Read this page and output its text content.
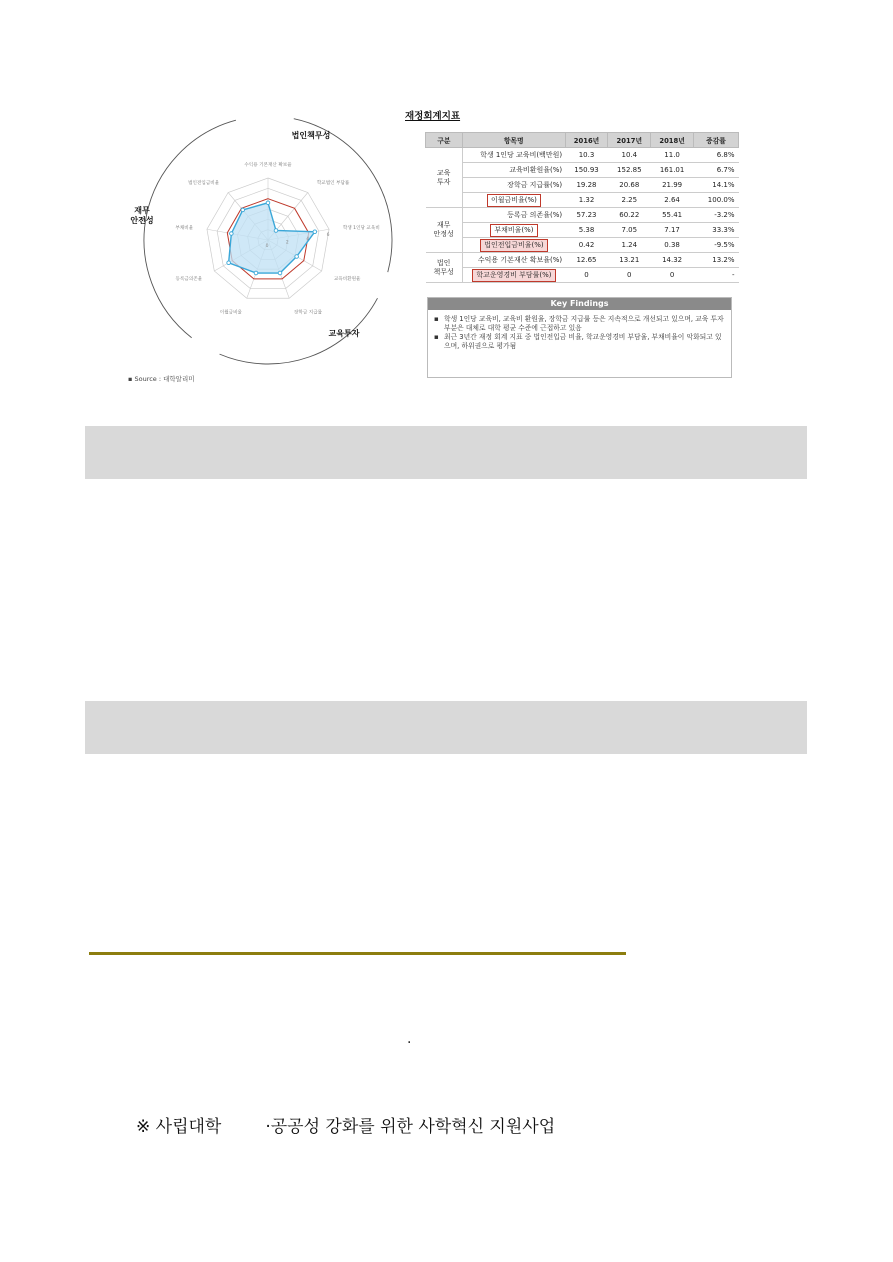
0
2
4
6
수익용 기본재산 확보율
학교법인 부담률
학생 1인당 교육비
교육비환원율
장학금 지급률
이월금비율
등록금의존율
부채비율
법인전입금비율
법인책무성
재무
안전성
교육투자
▪ Source : 대학알리미
재정회계지표
구분	항목명	2016년	2017년	2018년	증감률
교육
투자	학생 1인당 교육비(백만원)	10.3	10.4	11.0	6.8%
	교육비환원율(%)	150.93	152.85	161.01	6.7%
	장학금 지급률(%)	19.28	20.68	21.99	14.1%
	이월금비율(%)	1.32	2.25	2.64	100.0%
재무
안정성	등록금 의존율(%)	57.23	60.22	55.41	-3.2%
	부채비율(%)	5.38	7.05	7.17	33.3%
	법인전입금비율(%)	0.42	1.24	0.38	-9.5%
법인
책무성	수익용 기본재산 확보율(%)	12.65	13.21	14.32	13.2%
	학교운영경비 부담률(%)	0	0	0	-
Key Findings
▪ 학생 1인당 교육비, 교육비 환원율, 장학금 지급률 등은 지속적으로 개선되고 있으며, 교육 투자 부분은 대체로 대학 평균 수준에 근접하고 있음
▪ 최근 3년간 재정 회계 지표 중 법인전입금 비율, 학교운영경비 부담율, 부채비율이 악화되고 있으며, 하위권으로 평가됨
·
※ 사립대학	·공공성 강화를 위한 사학혁신 지원사업
